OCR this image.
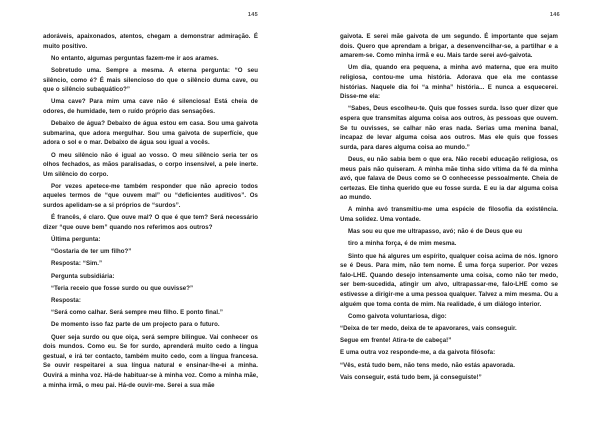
145

adoráveis, apaixonados, atentos, chegam a demonstrar admiração. É muito positivo.

No entanto, algumas perguntas fazem-me ir aos arames.

Sobretudo uma. Sempre a mesma. A eterna pergunta: “O seu silêncio, como é? É mais silencioso do que o silêncio duma cave, ou que o silêncio subaquático?”

Uma cave? Para mim uma cave não é silenciosa! Está cheia de odores, de humidade, tem o ruído próprio das sensações.

Debaixo de água? Debaixo de água estou em casa. Sou uma gaivota submarina, que adora mergulhar. Sou uma gaivota de superfície, que adora o sol e o mar. Debaixo de água sou igual a vocês.

O meu silêncio não é igual ao vosso. O meu silêncio seria ter os olhos fechados, as mãos paralisadas, o corpo insensível, a pele inerte. Um silêncio do corpo.

Por vezes apetece-me também responder que não aprecio todos aqueles termos de “que ouvem mal” ou “deficientes auditivos”. Os surdos apelidam-se a si próprios de “surdos”.

É francês, é claro. Que ouve mal? O que é que tem? Será necessário dizer “que ouve bem” quando nos referimos aos outros?

Última pergunta:

“Gostaria de ter um filho?”

Resposta: “Sim.”

Pergunta subsidiária:

“Teria receio que fosse surdo ou que ouvisse?”

Resposta:

“Será como calhar. Será sempre meu filho. E ponto final.”

De momento isso faz parte de um projecto para o futuro.

Quer seja surdo ou que oiça, será sempre bilingue. Vai conhecer os dois mundos. Como eu. Se for surdo, aprenderá muito cedo a língua gestual, e irá ter contacto, também muito cedo, com a língua francesa. Se ouvir respeitarei a sua língua natural e ensinar-lhe-ei a minha. Ouvirá a minha voz. Há-de habituar-se à minha voz. Como a minha mãe, a minha irmã, o meu pai. Há-de ouvir-me. Serei a sua mãe

146

gaivota. E serei mãe gaivota de um segundo. É importante que sejam dois. Quero que aprendam a brigar, a desenvencilhar-se, a partilhar e a amarem-se. Como minha irmã e eu. Mais tarde serei avó-gaivota.

Um dia, quando era pequena, a minha avó materna, que era muito religiosa, contou-me uma história. Adorava que ela me contasse histórias. Naquele dia foi “a minha” história... E nunca a esquecerei. Disse-me ela:

“Sabes, Deus escolheu-te. Quis que fosses surda. Isso quer dizer que espera que transmitas alguma coisa aos outros, às pessoas que ouvem. Se tu ouvisses, se calhar não eras nada. Serias uma menina banal, incapaz de levar alguma coisa aos outros. Mas ele quis que fosses surda, para dares alguma coisa ao mundo.”

Deus, eu não sabia bem o que era. Não recebi educação religiosa, os meus pais não quiseram. A minha mãe tinha sido vítima da fé da minha avó, que falava de Deus como se O conhecesse pessoalmente. Cheia de certezas. Ele tinha querido que eu fosse surda. E eu ia dar alguma coisa ao mundo.

A minha avó transmitiu-me uma espécie de filosofia da existência. Uma solidez. Uma vontade.

Mas sou eu que me ultrapasso, avó; não é de Deus que eu

tiro a minha força, é de mim mesma.

Sinto que há algures um espírito, qualquer coisa acima de nós. Ignoro se é Deus. Para mim, não tem nome. É uma força superior. Por vezes falo-LHE. Quando desejo intensamente uma coisa, como não ter medo, ser bem-sucedida, atingir um alvo, ultrapassar-me, falo-LHE como se estivesse a dirigir-me a uma pessoa qualquer. Talvez a mim mesma. Ou a alguém que toma conta de mim. Na realidade, é um diálogo interior.

Como gaivota voluntariosa, digo:

“Deixa de ter medo, deixa de te apavorares, vais conseguir.

Segue em frente! Atira-te de cabeça!”

E uma outra voz responde-me, a da gaivota filósofa:

“Vês, está tudo bem, não tens medo, não estás apavorada.

Vais conseguir, está tudo bem, já conseguiste!”
